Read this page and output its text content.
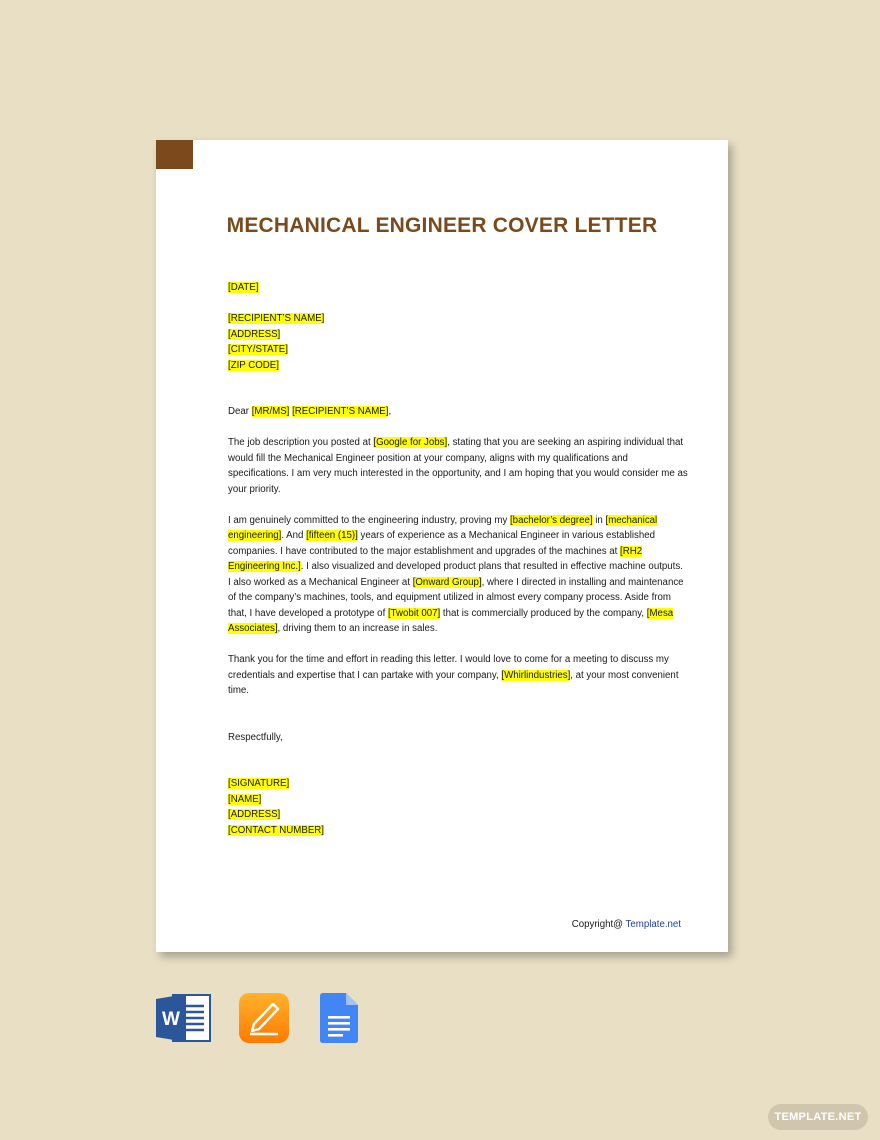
MECHANICAL ENGINEER COVER LETTER

[DATE]

[RECIPIENT’S NAME]

[ADDRESS]

[CITY/STATE]

[ZIP CODE]

Dear [MR/MS] [RECIPIENT’S NAME],

The job description you posted at [Google for Jobs], stating that you are seeking an aspiring individual that would fill the Mechanical Engineer position at your company, aligns with my qualifications and specifications. I am very much interested in the opportunity, and I am hoping that you would consider me as your priority.

I am genuinely committed to the engineering industry, proving my [bachelor’s degree] in [mechanical engineering]. And [fifteen (15)] years of experience as a Mechanical Engineer in various established companies. I have contributed to the major establishment and upgrades of the machines at [RH2 Engineering Inc.]. I also visualized and developed product plans that resulted in effective machine outputs. I also worked as a Mechanical Engineer at [Onward Group], where I directed in installing and maintenance of the company’s machines, tools, and equipment utilized in almost every company process. Aside from that, I have developed a prototype of [Twobit 007] that is commercially produced by the company, [Mesa Associates], driving them to an increase in sales.

Thank you for the time and effort in reading this letter. I would love to come for a meeting to discuss my credentials and expertise that I can partake with your company, [Whirlindustries], at your most convenient time.

Respectfully,

[SIGNATURE]

[NAME]

[ADDRESS]

[CONTACT NUMBER]

Copyright@ Template.net
W
TEMPLATE.NET
